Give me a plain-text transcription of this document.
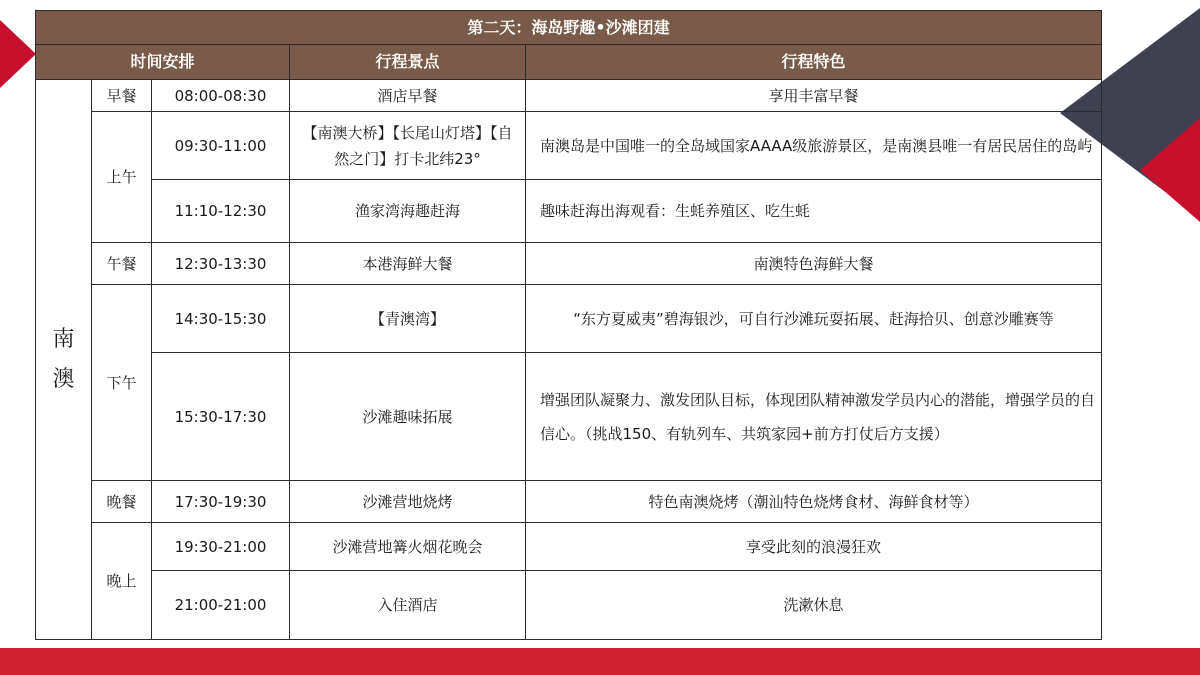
第二天：海岛野趣•沙滩团建				
时间安排			行程景点	行程特色
南
澳	早餐	08:00-08:30	酒店早餐	享用丰富早餐
	上午	09:30-11:00	【南澳大桥】【长尾山灯塔】【自然之门】打卡北纬23°	南澳岛是中国唯一的全岛域国家AAAA级旅游景区，是南澳县唯一有居民居住的岛屿
		11:10-12:30	渔家湾海趣赶海	趣味赶海出海观看：生蚝养殖区、吃生蚝
	午餐	12:30-13:30	本港海鲜大餐	南澳特色海鲜大餐
	下午	14:30-15:30	【青澳湾】	“东方夏威夷”碧海银沙，可自行沙滩玩耍拓展、赶海拾贝、创意沙雕赛等
		15:30-17:30	沙滩趣味拓展	增强团队凝聚力、激发团队目标，体现团队精神激发学员内心的潜能，增强学员的自信心。（挑战150、有轨列车、共筑家园+前方打仗后方支援）
	晚餐	17:30-19:30	沙滩营地烧烤	特色南澳烧烤（潮汕特色烧烤食材、海鲜食材等）
	晚上	19:30-21:00	沙滩营地篝火烟花晚会	享受此刻的浪漫狂欢
		21:00-21:00	入住酒店	洗漱休息
